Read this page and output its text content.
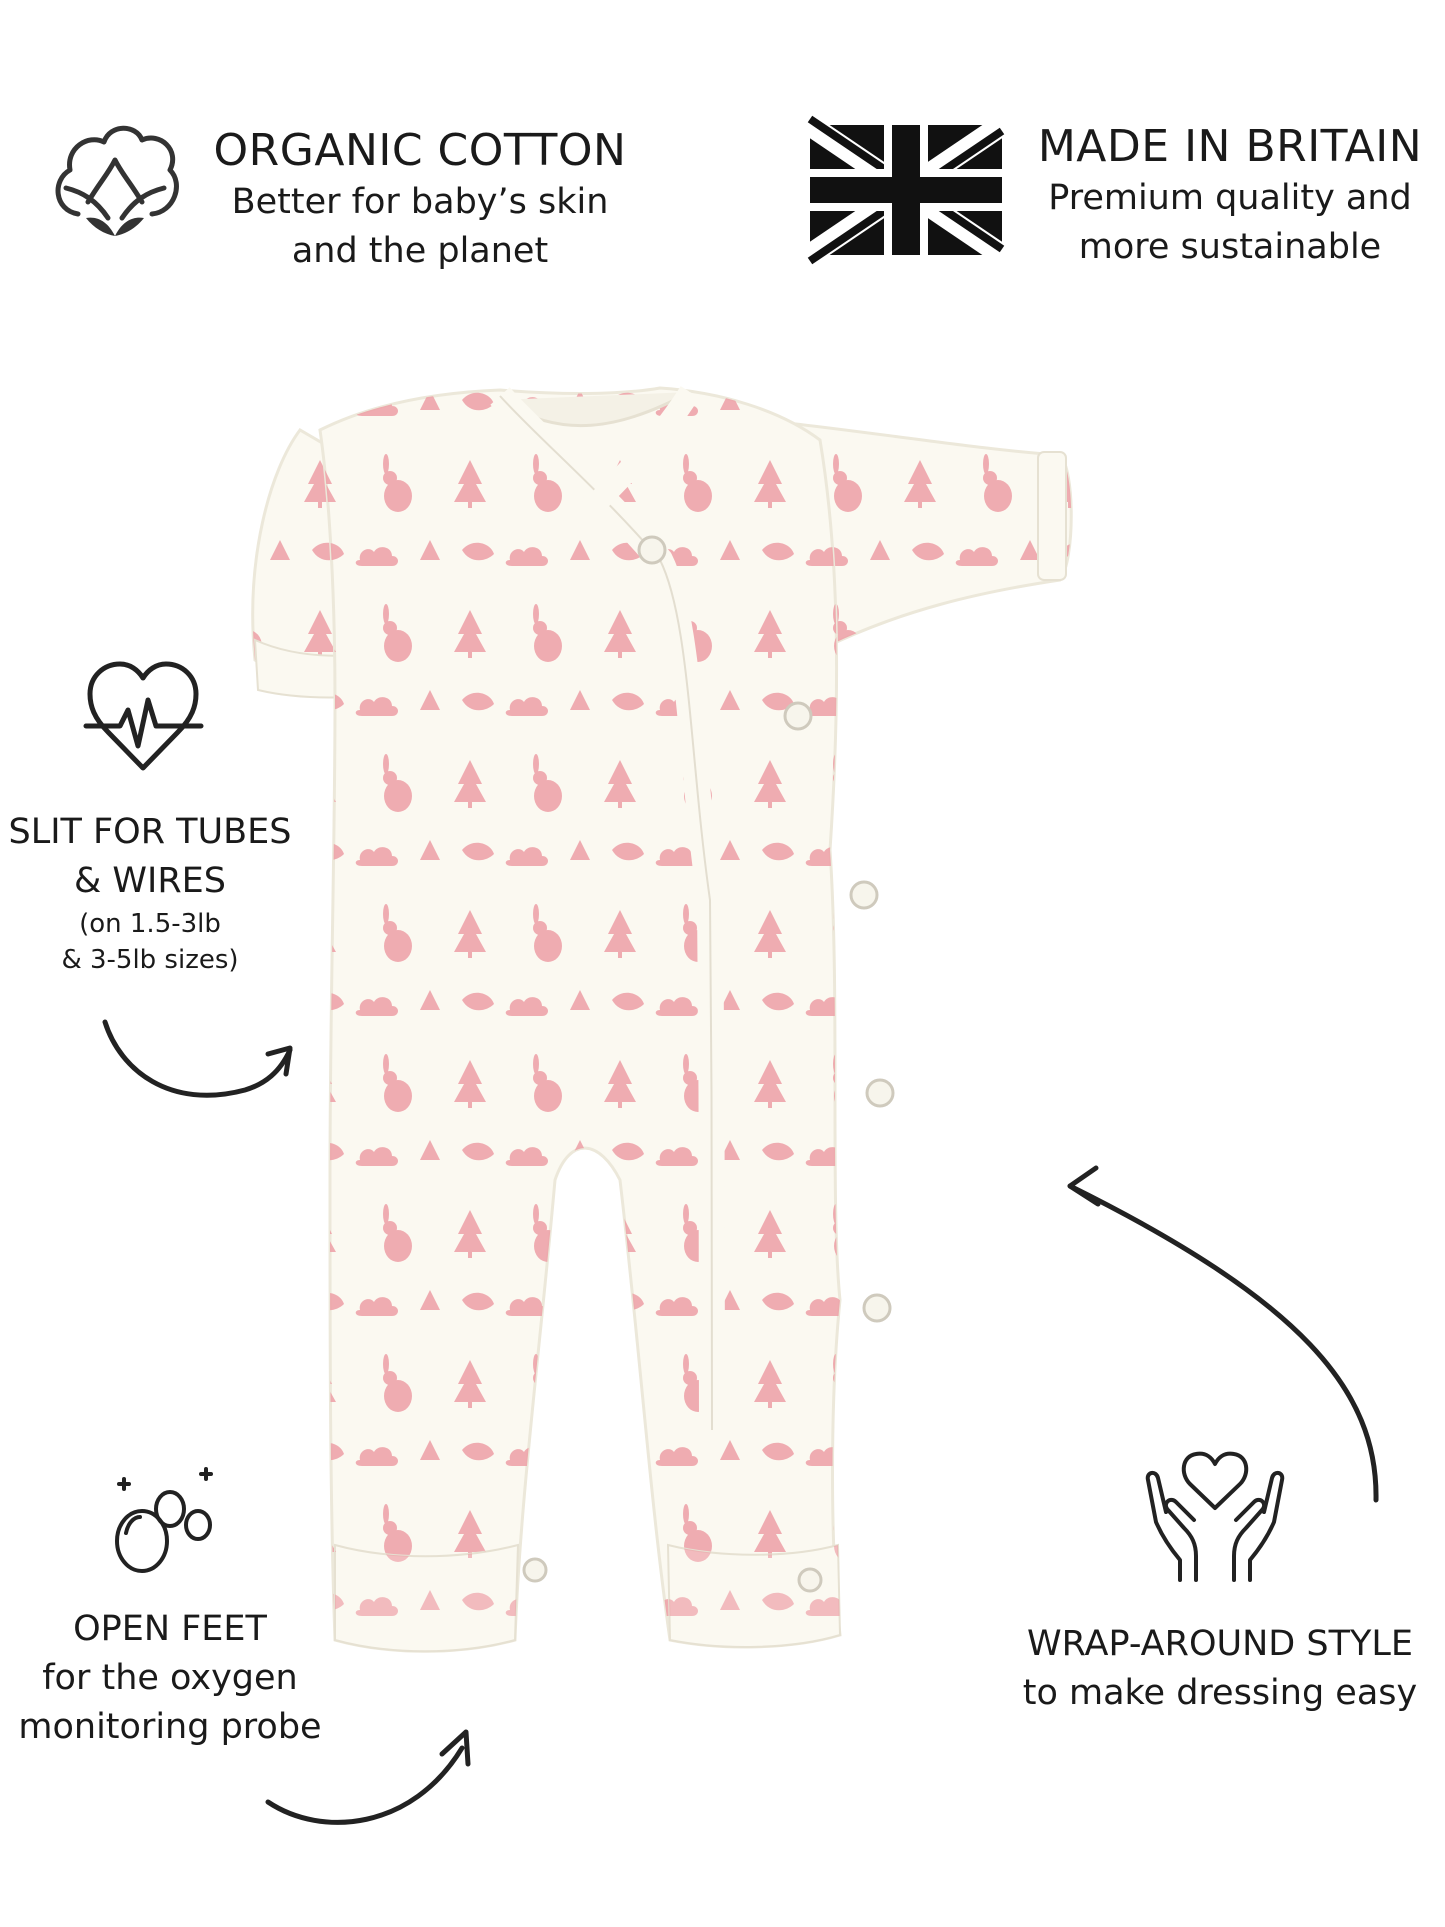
ORGANIC COTTON
Better for baby’s skin
and the planet
MADE IN BRITAIN
Premium quality and
more sustainable
SLIT FOR TUBES
& WIRES
(on 1.5-3lb
& 3-5lb sizes)
OPEN FEET
for the oxygen
monitoring probe
WRAP-AROUND STYLE
to make dressing easy
